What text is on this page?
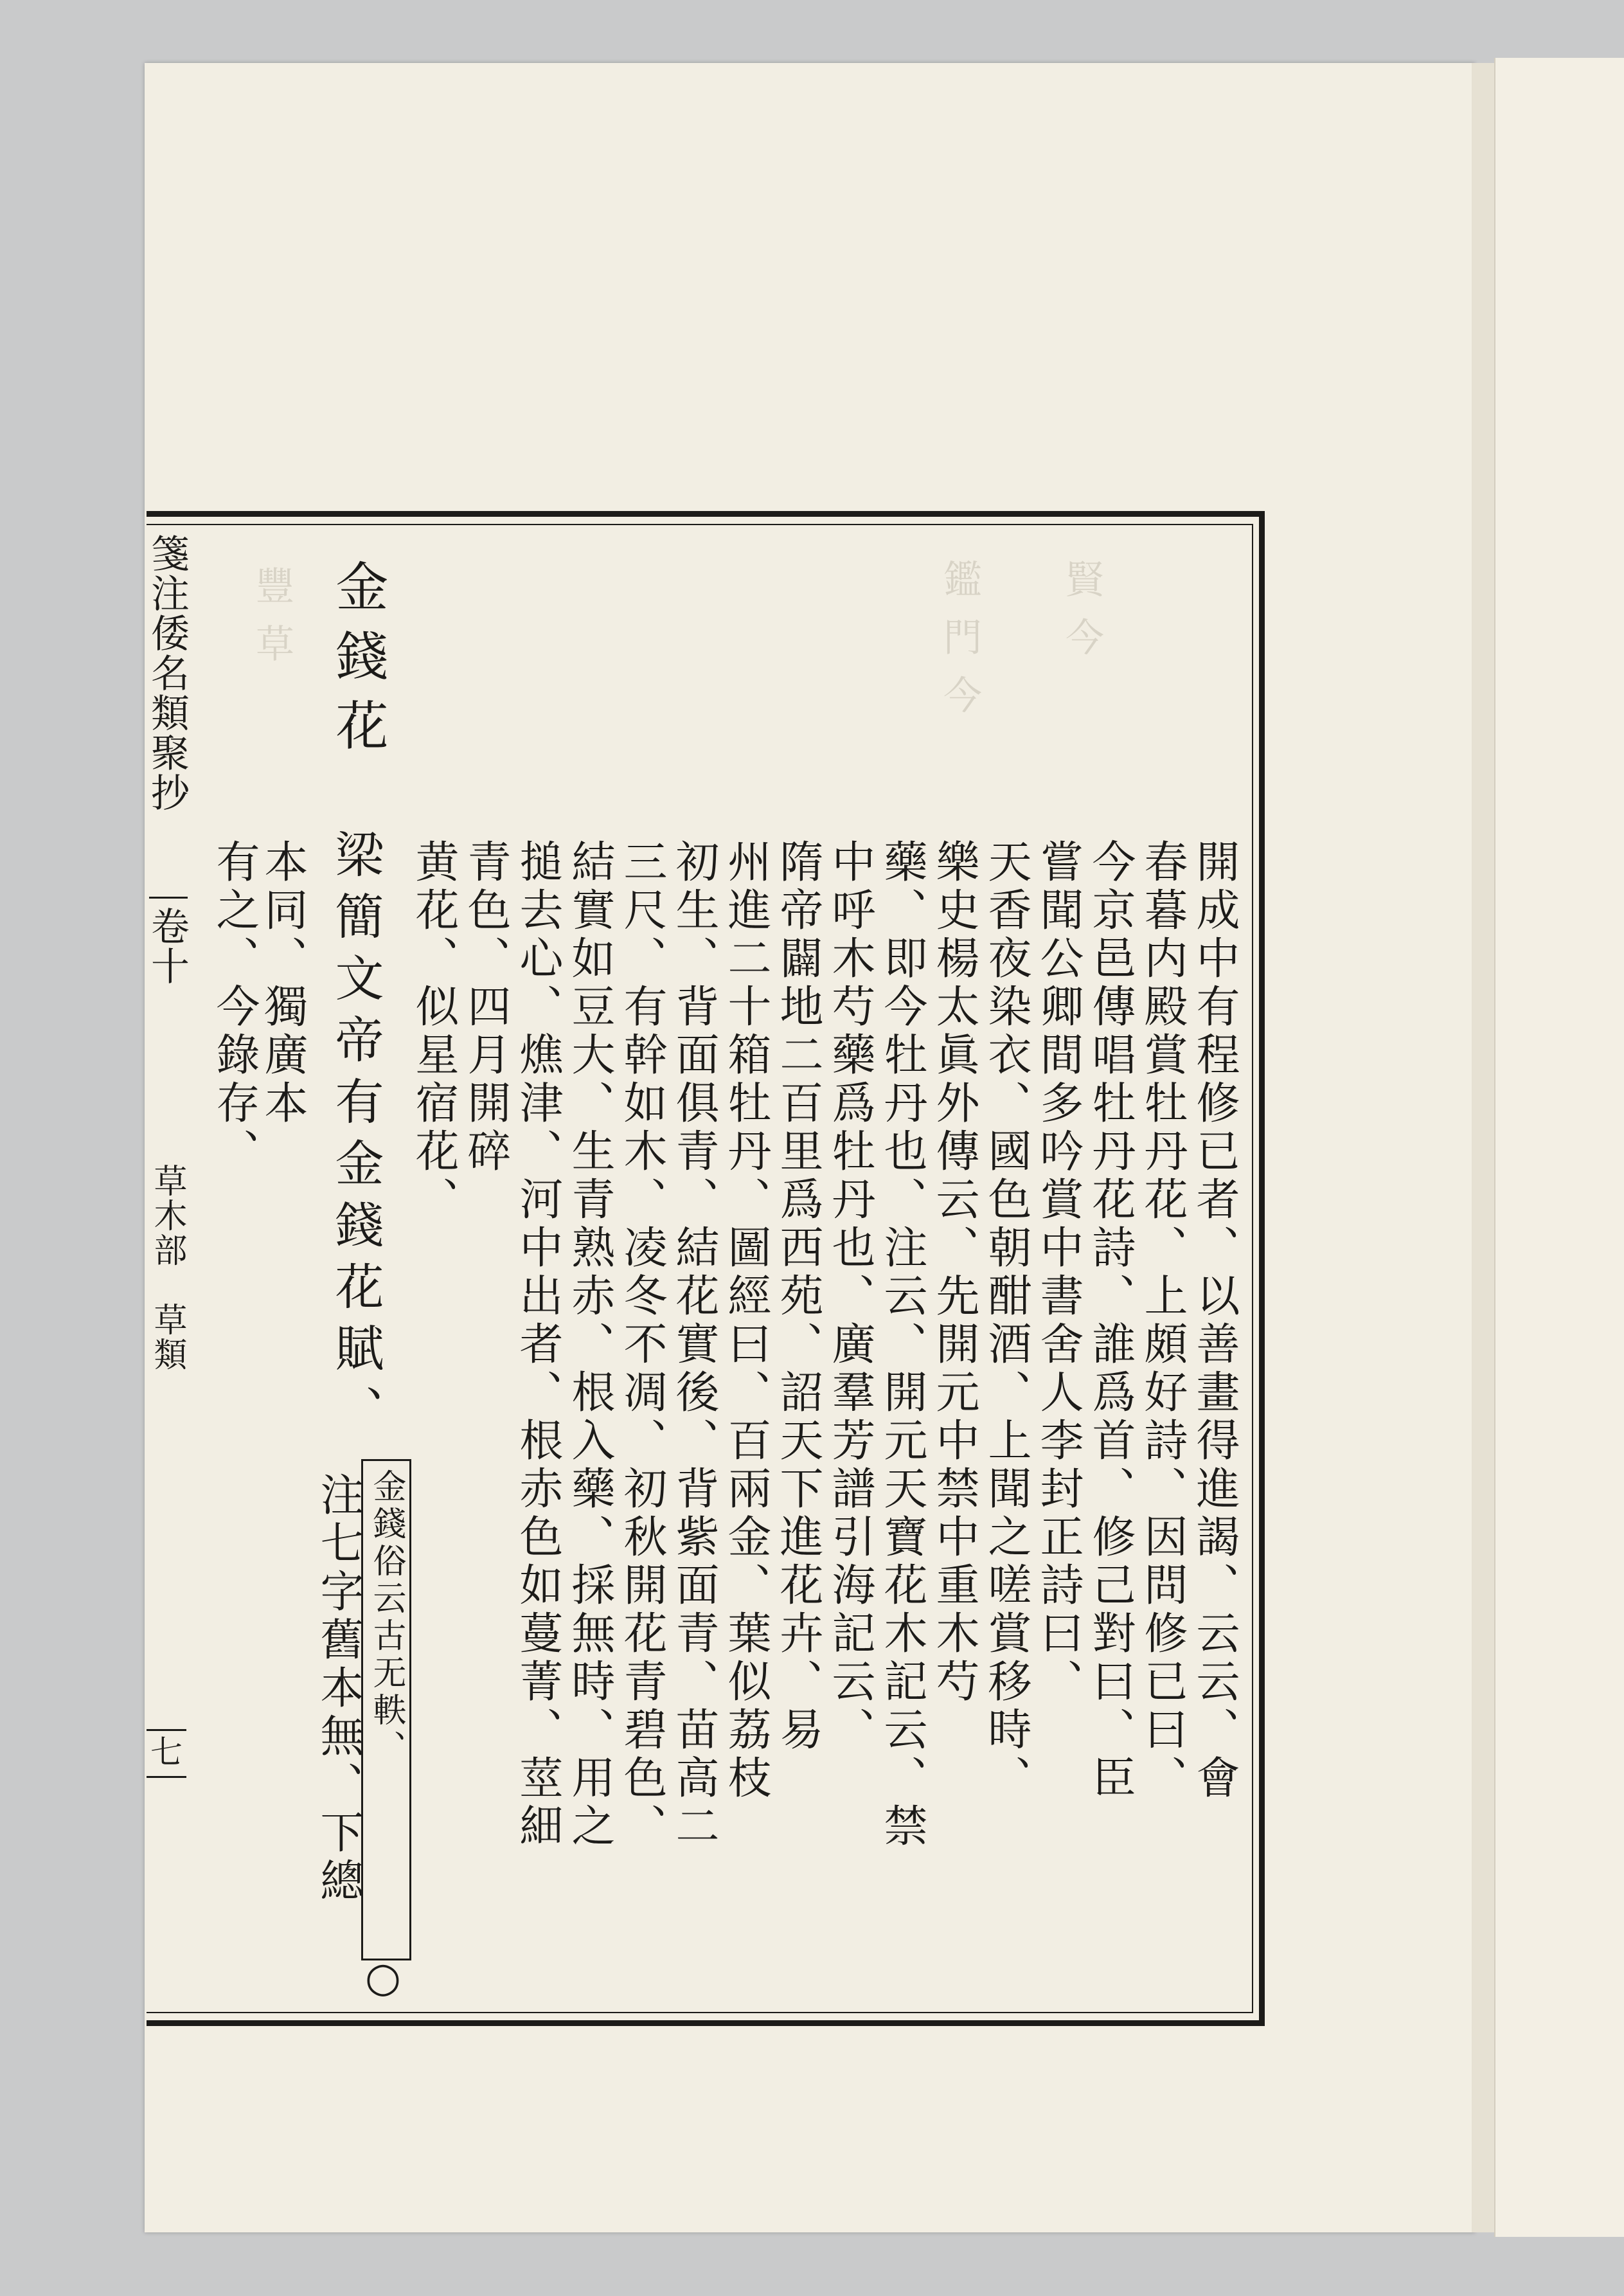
鑑門今 賢今
豐草
箋注倭名類聚抄
卷十
草木部　草類
七	開成中有程修已者、以善畫得進謁、云云、會
春暮内殿賞牡丹花、上頗好詩、因問修已曰、
今京邑傳唱牡丹花詩、誰爲首、修己對曰、臣
嘗聞公卿間多吟賞中書舍人李封正詩曰、
天香夜染衣、國色朝酣酒、上聞之嗟賞移時、
樂史楊太眞外傳云、先開元中禁中重木芍
藥、即今牡丹也、注云、開元天寶花木記云、禁
中呼木芍藥爲牡丹也、廣羣芳譜引海記云、
隋帝闢地二百里爲西苑、詔天下進花卉、易
州進二十箱牡丹、圖經曰、百兩金、葉似荔枝
初生、背面俱青、結花實後、背紫面青、苗高二
三尺、有幹如木、凌冬不凋、初秋開花青碧色、
結實如豆大、生青熟赤、根入藥、採無時、用之
搥去心、燋津、河中出者、根赤色如蔓菁、莖細
青色、四月開碎
黄花、似星宿花、
金錢花
梁簡文帝有金錢花賦、
金錢俗云古无軼、
○
注七字舊本無、下總
本同、獨廣本
有之、今錄存、
